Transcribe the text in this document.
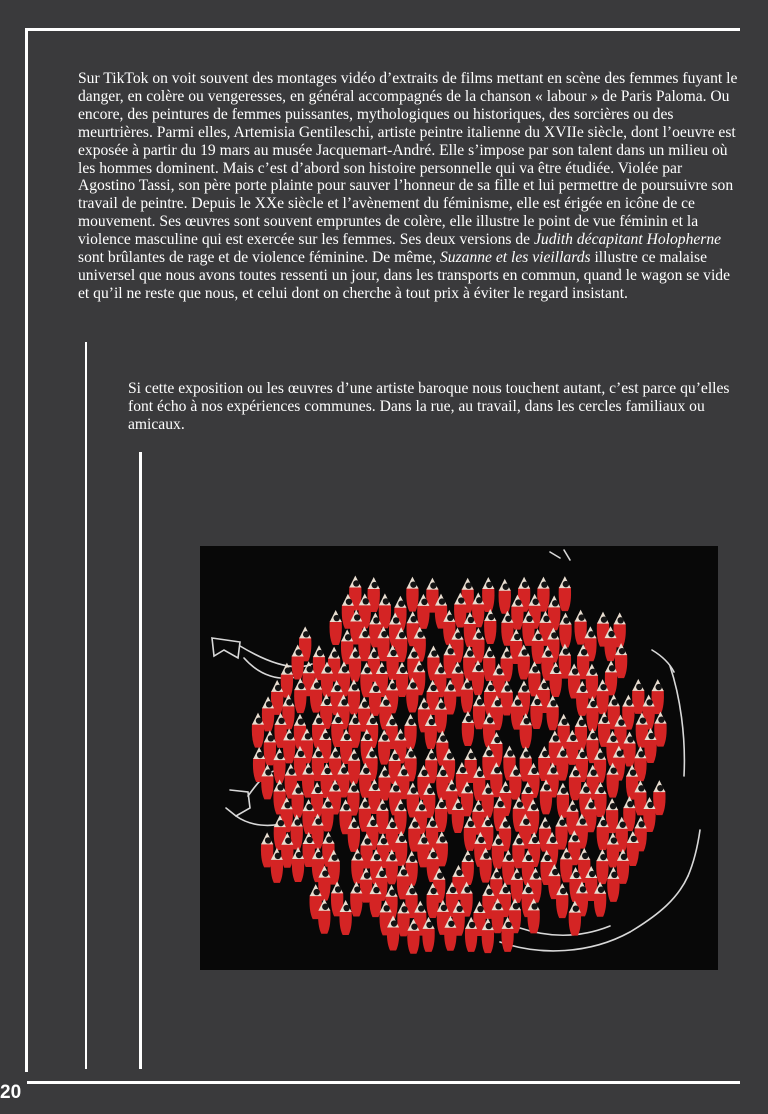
Sur TikTok on voit souvent des montages vidéo d’extraits de films mettant en scène des femmes fuyant le danger, en colère ou vengeresses, en général accompagnés de la chanson « labour » de Paris Paloma. Ou encore, des peintures de femmes puissantes, mythologiques ou historiques, des sorcières ou des meurtrières. Parmi elles, Artemisia Gentileschi, artiste peintre italienne du XVIIe siècle, dont l’oeuvre est exposée à partir du 19 mars au musée Jacquemart-André. Elle s’impose par son talent dans un milieu où les hommes dominent. Mais c’est d’abord son histoire personnelle qui va être étudiée. Violée par Agostino Tassi, son père porte plainte pour sauver l’honneur de sa fille et lui permettre de poursuivre son travail de peintre. Depuis le XXe siècle et l’avènement du féminisme, elle est érigée en icône de ce mouvement. Ses œuvres sont souvent empruntes de colère, elle illustre le point de vue féminin et la violence masculine qui est exercée sur les femmes. Ses deux versions de Judith décapitant Holopherne sont brûlantes de rage et de violence féminine. De même, Suzanne et les vieillards illustre ce malaise universel que nous avons toutes ressenti un jour, dans les transports en commun, quand le wagon se vide et qu’il ne reste que nous, et celui dont on cherche à tout prix à éviter le regard insistant.

Si cette exposition ou les œuvres d’une artiste baroque nous touchent autant, c’est parce qu’elles font écho à nos expériences communes. Dans la rue, au travail, dans les cercles familiaux ou amicaux.

20
